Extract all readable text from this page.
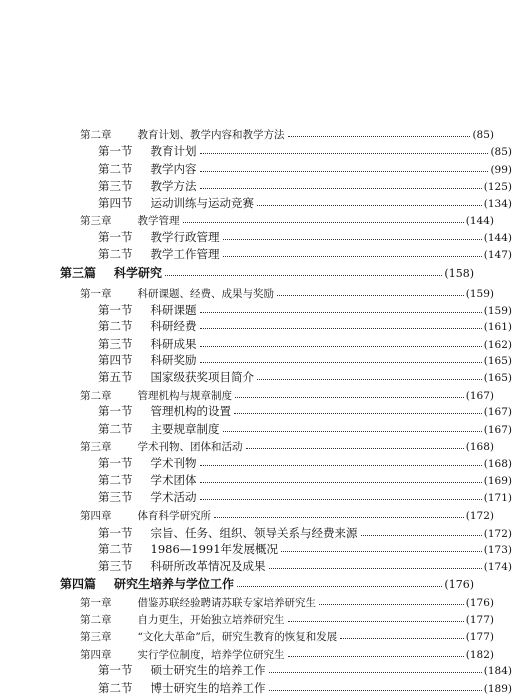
第二章 教育计划、教学内容和教学方法	(85)
第一节 教育计划	(85)
第二节 教学内容	(99)
第三节 教学方法	(125)
第四节 运动训练与运动竞赛	(134)
第三章 教学管理	(144)
第一节 教学行政管理	(144)
第二节 教学工作管理	(147)
第三篇 科学研究	(158)
第一章 科研课题、经费、成果与奖励	(159)
第一节 科研课题	(159)
第二节 科研经费	(161)
第三节 科研成果	(162)
第四节 科研奖励	(165)
第五节 国家级获奖项目简介	(165)
第二章 管理机构与规章制度	(167)
第一节 管理机构的设置	(167)
第二节 主要规章制度	(167)
第三章 学术刊物、团体和活动	(168)
第一节 学术刊物	(168)
第二节 学术团体	(169)
第三节 学术活动	(171)
第四章 体育科学研究所	(172)
第一节 宗旨、任务、组织、领导关系与经费来源	(172)
第二节 1986—1991年发展概况	(173)
第三节 科研所改革情况及成果	(174)
第四篇 研究生培养与学位工作	(176)
第一章 借鉴苏联经验聘请苏联专家培养研究生	(176)
第二章 自力更生，开始独立培养研究生	(177)
第三章 “文化大革命”后，研究生教育的恢复和发展	(177)
第四章 实行学位制度，培养学位研究生	(182)
第一节 硕士研究生的培养工作	(184)
第二节 博士研究生的培养工作	(189)
